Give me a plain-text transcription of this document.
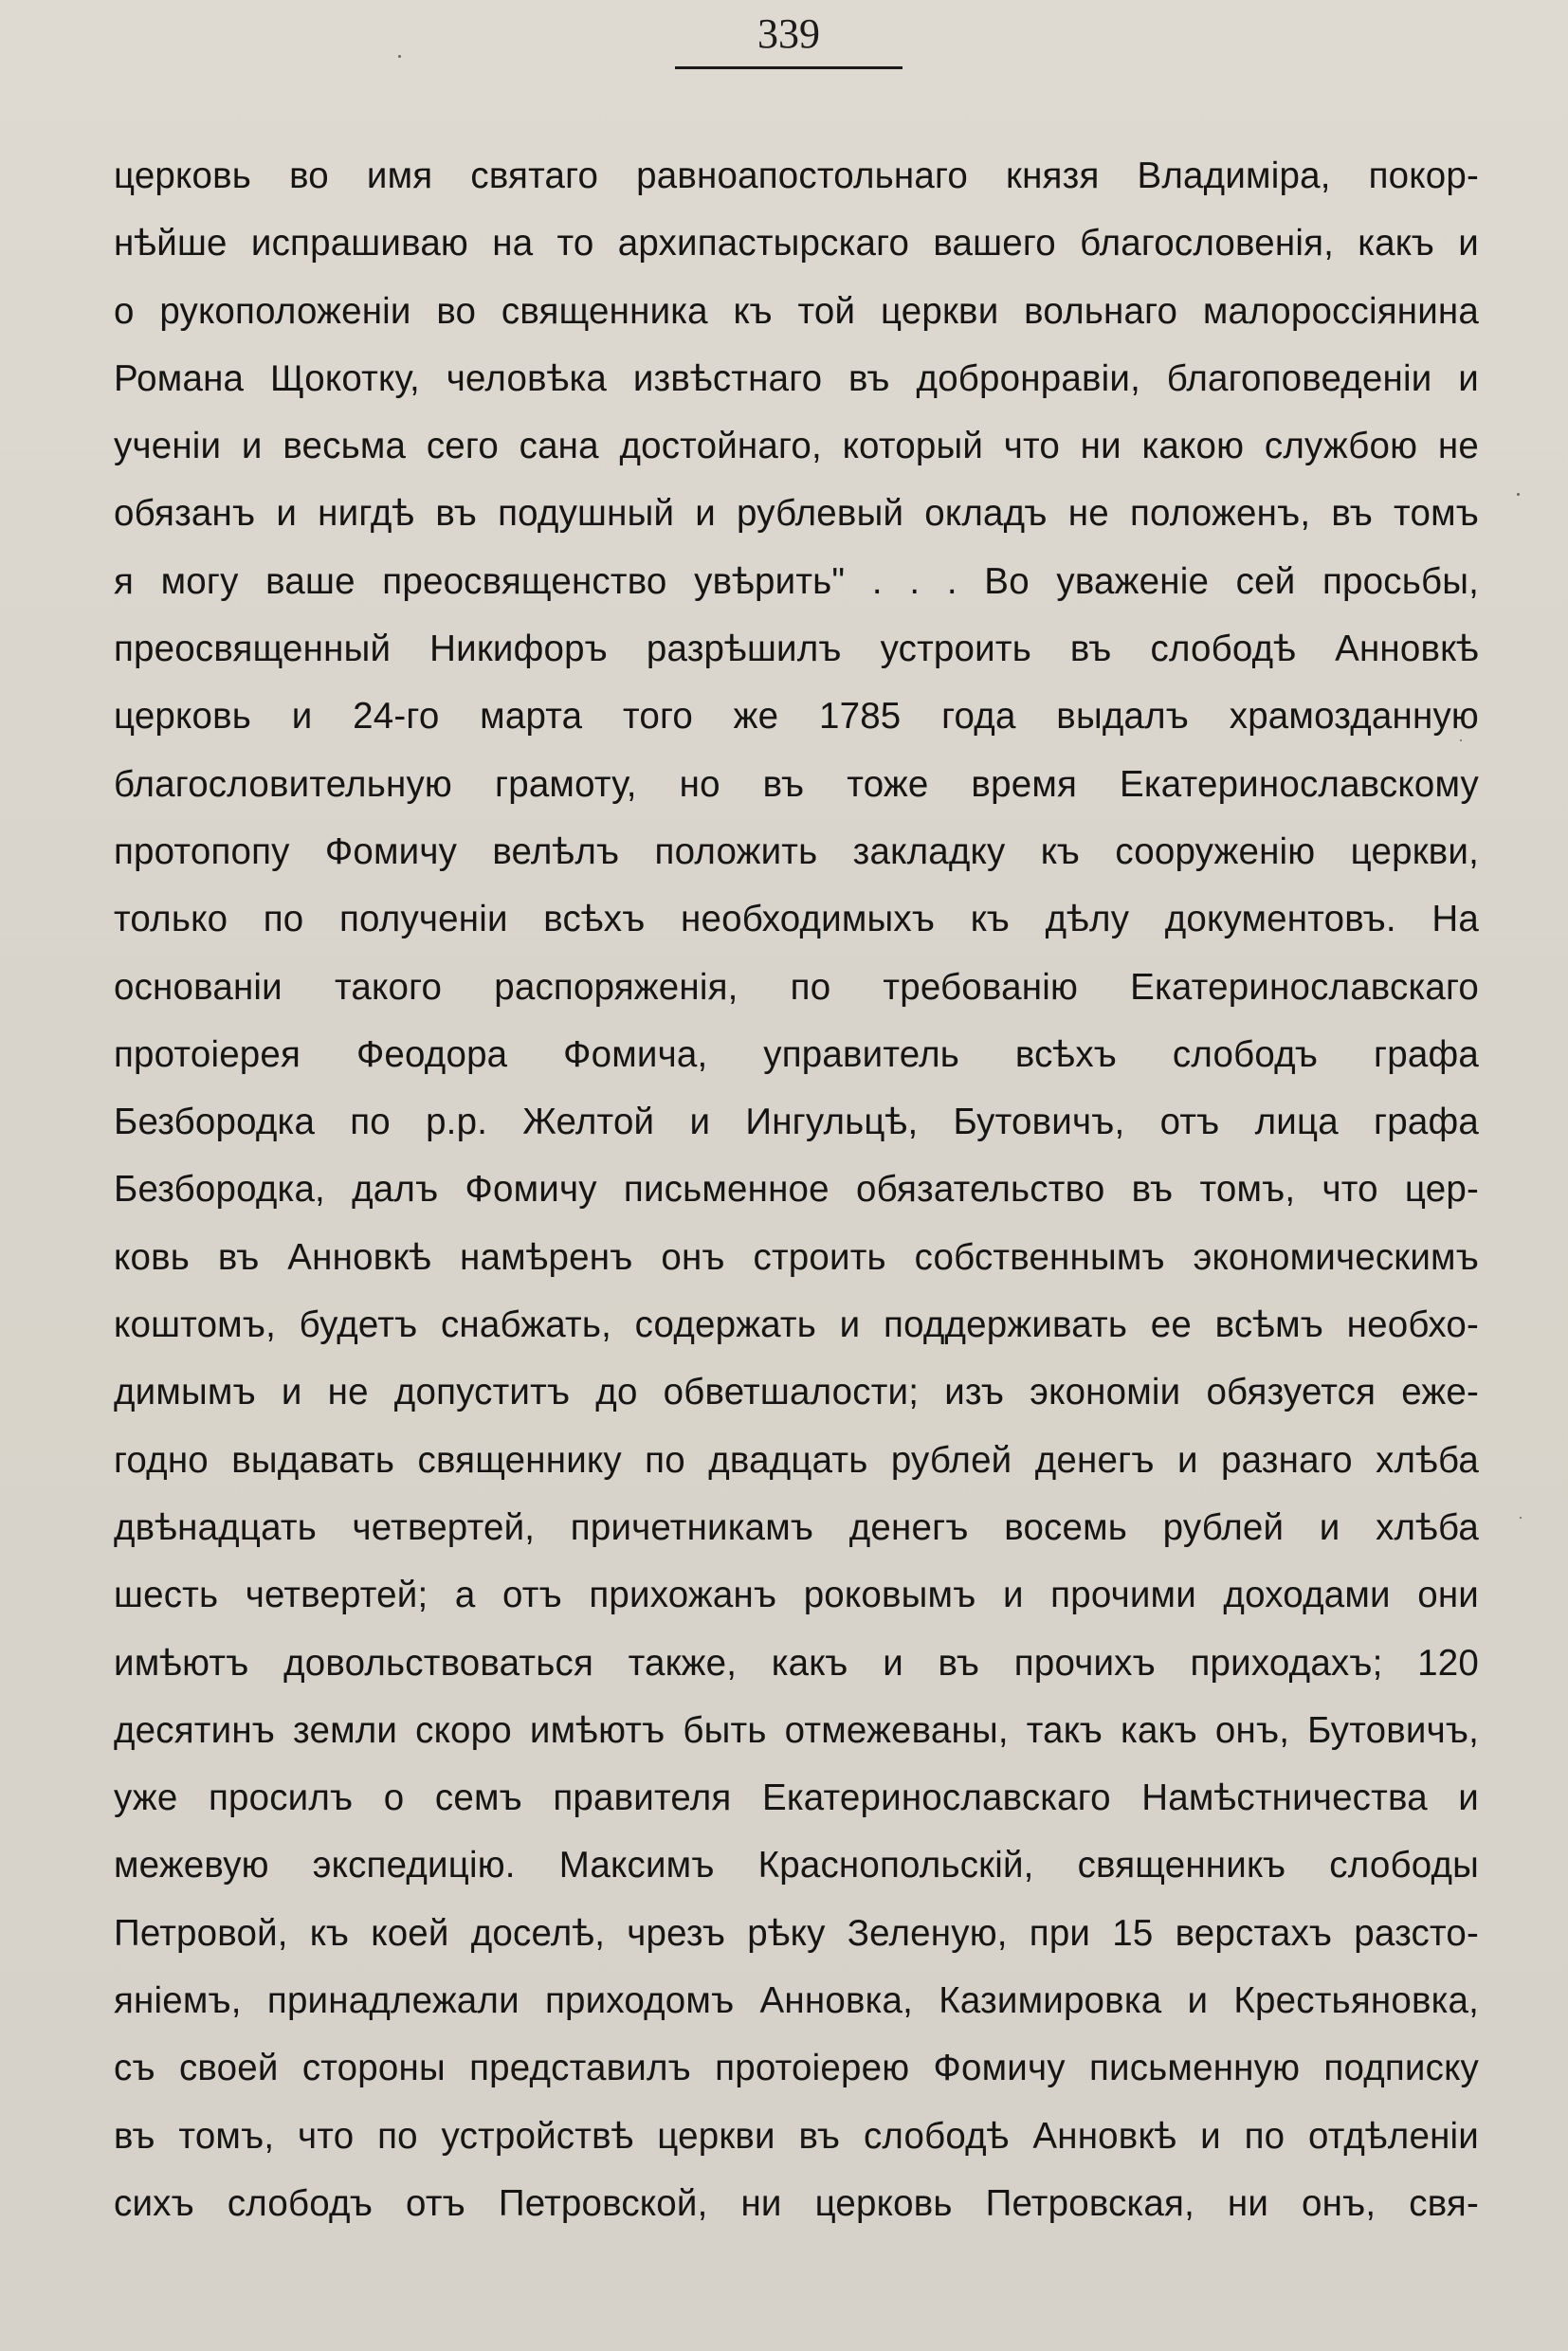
339
церковь во имя святаго равноапостольнаго князя Владиміра, покор-
нѣйше испрашиваю на то архипастырскаго вашего благословенія, какъ и
о рукоположеніи во священника къ той церкви вольнаго малороссіянина
Романа Щокотку, человѣка извѣстнаго въ добронравіи, благоповеденіи и
ученіи и весьма сего сана достойнаго, который что ни какою службою не
обязанъ и нигдѣ въ подушный и рублевый окладъ не положенъ, въ томъ
я могу ваше преосвященство увѣрить" . . . Во уваженіе сей просьбы,
преосвященный Никифоръ разрѣшилъ устроить въ слободѣ Анновкѣ
церковь и 24-го марта того же 1785 года выдалъ храмозданную
благословительную грамоту, но въ тоже время Екатеринославскому
протопопу Фомичу велѣлъ положить закладку къ сооруженію церкви,
только по полученіи всѣхъ необходимыхъ къ дѣлу документовъ. На
основаніи такого распоряженія, по требованію Екатеринославскаго
протоіерея Феодора Фомича, управитель всѣхъ слободъ графа
Безбородка по р.р. Желтой и Ингульцѣ, Бутовичъ, отъ лица графа
Безбородка, далъ Фомичу письменное обязательство въ томъ, что цер-
ковь въ Анновкѣ намѣренъ онъ строить собственнымъ экономическимъ
коштомъ, будетъ снабжать, содержать и поддерживать ее всѣмъ необхо-
димымъ и не допуститъ до обветшалости; изъ экономіи обязуется еже-
годно выдавать священнику по двадцать рублей денегъ и разнаго хлѣба
двѣнадцать четвертей, причетникамъ денегъ восемь рублей и хлѣба
шесть четвертей; а отъ прихожанъ роковымъ и прочими доходами они
имѣютъ довольствоваться также, какъ и въ прочихъ приходахъ; 120
десятинъ земли скоро имѣютъ быть отмежеваны, такъ какъ онъ, Бутовичъ,
уже просилъ о семъ правителя Екатеринославскаго Намѣстничества и
межевую экспедицію. Максимъ Краснопольскій, священникъ слободы
Петровой, къ коей доселѣ, чрезъ рѣку Зеленую, при 15 верстахъ разсто-
яніемъ, принадлежали приходомъ Анновка, Казимировка и Крестьяновка,
съ своей стороны представилъ протоіерею Фомичу письменную подписку
въ томъ, что по устройствѣ церкви въ слободѣ Анновкѣ и по отдѣленіи
сихъ слободъ отъ Петровской, ни церковь Петровская, ни онъ, свя-
